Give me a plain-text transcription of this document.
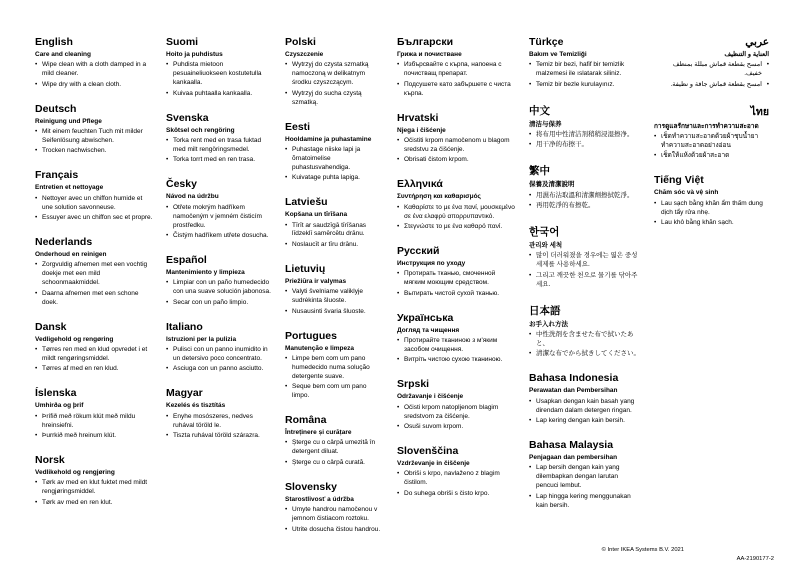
English
Care and cleaning
• Wipe clean with a cloth damped in a mild cleaner.
• Wipe dry with a clean cloth.
Deutsch
Reinigung und Pflege
• Mit einem feuchten Tuch mit milder Seifenlösung abwischen.
• Trocken nachwischen.
Français
Entretien et nettoyage
• Nettoyer avec un chiffon humide et une solution savonneuse.
• Essuyer avec un chiffon sec et propre.
Nederlands
Onderhoud en reinigen
• Zorgvuldig afnemen met een vochtig doekje met een mild schoonmaakmiddel.
• Daarna afnemen met een schone doek.
Dansk
Vedligehold og rengøring
• Tørres ren med en klud opvredet i et mildt rengøringsmiddel.
• Tørres af med en ren klud.
Íslenska
Umhirða og þrif
• Þrífið með rökum klút með mildu hreinsiefni.
• Þurrkið með hreinum klút.
Norsk
Vedlikehold og rengjøring
• Tørk av med en klut fuktet med mildt rengjøringsmiddel.
• Tørk av med en ren klut.
Suomi
Hoito ja puhdistus
• Puhdista mietoon pesuaineliuokseen kostutetulla kankaalla.
• Kuivaa puhtaalla kankaalla.
Svenska
Skötsel och rengöring
• Torka rent med en trasa fuktad med milt rengöringsmedel.
• Torka torrt med en ren trasa.
Česky
Návod na údržbu
• Otřete mokrým hadříkem namočeným v jemném čisticím prostředku.
• Čistým hadříkem utřete dosucha.
Español
Mantenimiento y limpieza
• Limpiar con un paño humedecido con una suave solución jabonosa.
• Secar con un paño limpio.
Italiano
Istruzioni per la pulizia
• Pulisci con un panno inumidito in un detersivo poco concentrato.
• Asciuga con un panno asciutto.
Magyar
Kezelés és tisztítás
• Enyhe mosószeres, nedves ruhával töröld le.
• Tiszta ruhával töröld szárazra.
Polski
Czyszczenie
• Wytrzyj do czysta szmatką namoczoną w delikatnym środku czyszczącym.
• Wytrzyj do sucha czystą szmatką.
Eesti
Hooldamine ja puhastamine
• Puhastage niiske lapi ja õrnatoimelise puhastusvahendiga.
• Kuivatage puhta lapiga.
Latviešu
Kopšana un tīrīšana
• Tīrīt ar saudzīgā tīrīšanas līdzeklī samērcētu drānu.
• Noslaucīt ar tīru drānu.
Lietuvių
Priežiūra ir valymas
• Valyti švelniame valiklyje sudrėkinta šluoste.
• Nusausinti švaria šluoste.
Portugues
Manutenção e limpeza
• Limpe bem com um pano humedecido numa solução detergente suave.
• Seque bem com um pano limpo.
Româna
Întreținere și curățare
• Șterge cu o cârpă umezită în detergent diluat.
• Șterge cu o cârpă curată.
Slovensky
Starostlivosť a údržba
• Umyte handrou namočenou v jemnom čistiacom roztoku.
• Utrite dosucha čistou handrou.
Български
Грижа и почистване
• Избърсвайте с кърпа, напоена с почистващ препарат.
• Подсушете като забършете с чиста кърпа.
Hrvatski
Njega i čišćenje
• Očistiti krpom namočenom u blagom sredstvu za čišćenje.
• Obrisati čistom krpom.
Ελληνικά
Συντήρηση και καθαρισμός
• Καθαρίστε το με ένα πανί, μουσκεμένο σε ένα ελαφρύ απορρυπαντικό.
• Στεγνώστε το με ένα καθαρό πανί.
Русский
Инструкция по уходу
• Протирать тканью, смоченной мягким моющим средством.
• Вытирать чистой сухой тканью.
Українська
Догляд та чищення
• Протирайте тканиною з м'яким засобом очищення.
• Витріть чистою сухою тканиною.
Srpski
Održavanje i čišćenje
• Očisti krpom natopljenom blagim sredstvom za čišćenje.
• Osuši suvom krpom.
Slovenščina
Vzdrževanje in čiščenje
• Obriši s krpo, navlaženo z blagim čistilom.
• Do suhega obriši s čisto krpo.
Türkçe
Bakım ve Temizliği
• Temiz bir bezi, hafif bir temizlik malzemesi ile ıslatarak siliniz.
• Temiz bir bezle kurulayınız.
中文
清洁与保养
• 将布用中性清洁剂稍稍浸湿擦净。
• 用干净的布擦干。
繁中
保養及清潔說明
• 用濕布沾取溫和清潔劑擦拭乾淨。
• 再用乾淨的布擦乾。
한국어
관리와 세척
• 많이 더러워졌을 경우에는 엷은 중성세제를 사용하세요.
• 그리고 깨끗한 천으로 물기를 닦아주세요.
日本語
お手入れ方法
• 中性洗剤を含ませた布で拭いたあと、
• 清潔な布でから拭きしてください。
Bahasa Indonesia
Perawatan dan Pembersihan
• Usapkan dengan kain basah yang direndam dalam detergen ringan.
• Lap kering dengan kain bersih.
Bahasa Malaysia
Penjagaan dan pembersihan
• Lap bersih dengan kain yang dilembapkan dengan larutan pencuci lembut.
• Lap hingga kering menggunakan kain bersih.
عربي
العناية و التنظيف
• امسح بقطعة قماش مبللة بمنظف خفيف.
• امسح بقطعة قماش جافة و نظيفة.
ไทย
การดูแลรักษาและการทำความสะอาด
• เช็ดทำความสะอาดด้วยผ้าชุบน้ำยาทำความสะอาดอย่างอ่อน
• เช็ดให้แห้งด้วยผ้าสะอาด
Tiếng Việt
Chăm sóc và vệ sinh
• Lau sạch bằng khăn ẩm thấm dung dịch tẩy rửa nhẹ.
• Lau khô bằng khăn sạch.
© Inter IKEA Systems B.V. 2021
AA-2190177-2
